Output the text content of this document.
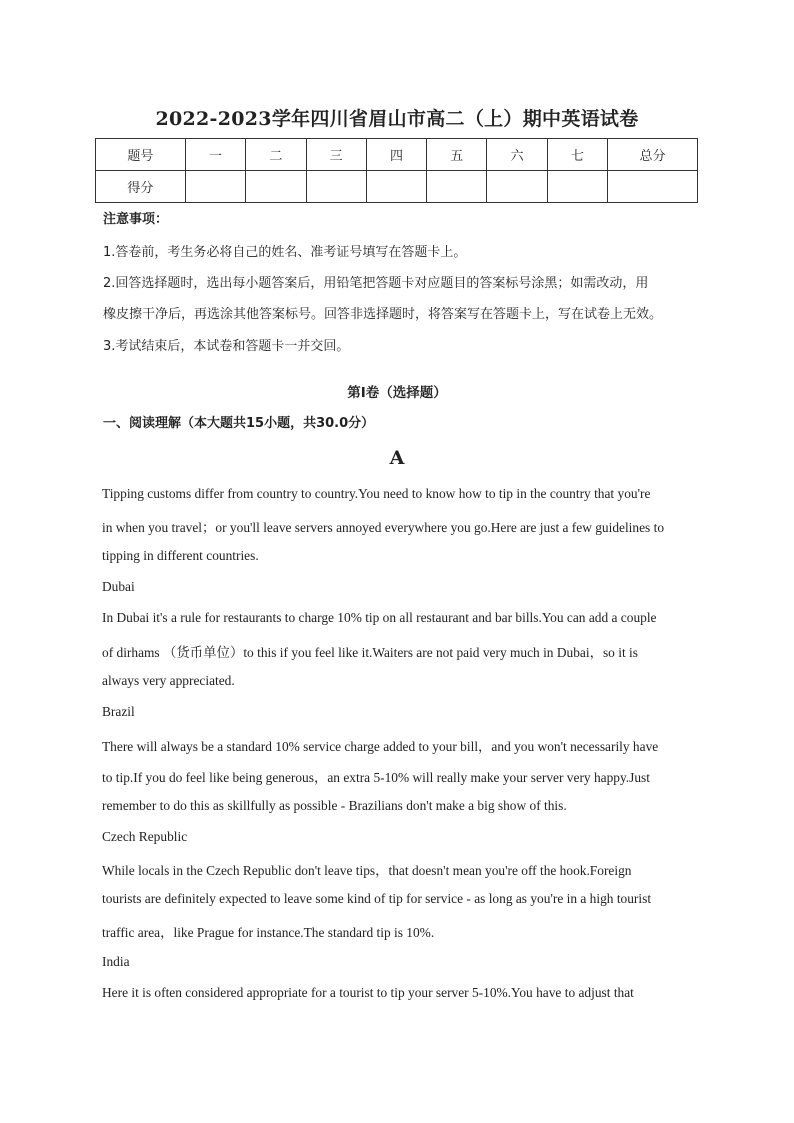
2022-2023学年四川省眉山市高二（上）期中英语试卷
题号	一	二	三	四	五	六	七	总分
得分								
注意事项：
1.答卷前，考生务必将自己的姓名、准考证号填写在答题卡上。
2.回答选择题时，选出每小题答案后，用铅笔把答题卡对应题目的答案标号涂黑；如需改动，用
橡皮擦干净后，再选涂其他答案标号。回答非选择题时，将答案写在答题卡上，写在试卷上无效。
3.考试结束后，本试卷和答题卡一并交回。
第Ⅰ卷（选择题）
一、阅读理解（本大题共15小题，共30.0分）
A
Tipping customs differ from country to country.You need to know how to tip in the country that you're
in when you travel；or you'll leave servers annoyed everywhere you go.Here are just a few guidelines to
tipping in different countries.
Dubai
In Dubai it's a rule for restaurants to charge 10% tip on all restaurant and bar bills.You can add a couple
of dirhams （货币单位）to this if you feel like it.Waiters are not paid very much in Dubai，so it is
always very appreciated.
Brazil
There will always be a standard 10% service charge added to your bill，and you won't necessarily have
to tip.If you do feel like being generous，an extra 5-10% will really make your server very happy.Just
remember to do this as skillfully as possible - Brazilians don't make a big show of this.
Czech Republic
While locals in the Czech Republic don't leave tips，that doesn't mean you're off the hook.Foreign
tourists are definitely expected to leave some kind of tip for service - as long as you're in a high tourist
traffic area，like Prague for instance.The standard tip is 10%.
India
Here it is often considered appropriate for a tourist to tip your server 5-10%.You have to adjust that
